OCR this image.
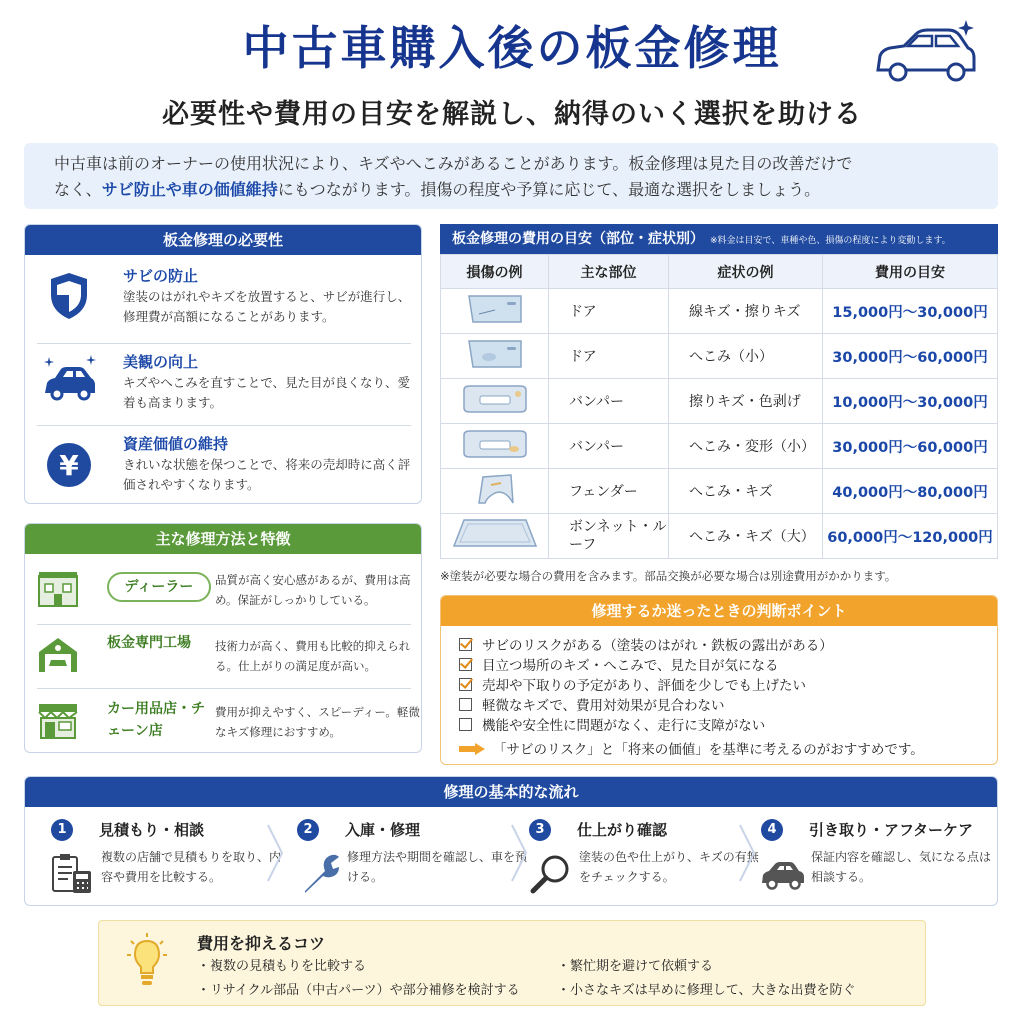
中古車購入後の板金修理
必要性や費用の目安を解説し、納得のいく選択を助ける
中古車は前のオーナーの使用状況により、キズやへこみがあることがあります。板金修理は見た目の改善だけで
なく、サビ防止や車の価値維持にもつながります。損傷の程度や予算に応じて、最適な選択をしましょう。
板金修理の必要性
サビの防止
塗装のはがれやキズを放置すると、サビが進行し、修理費が高額になることがあります。
美観の向上
キズやへこみを直すことで、見た目が良くなり、愛着も高まります。
¥
資産価値の維持
きれいな状態を保つことで、将来の売却時に高く評価されやすくなります。
主な修理方法と特徴
ディーラー	品質が高く安心感があるが、費用は高め。保証がしっかりしている。
板金専門工場	技術力が高く、費用も比較的抑えられる。仕上がりの満足度が高い。
カー用品店・チェーン店
費用が抑えやすく、スピーディー。軽微なキズ修理におすすめ。
板金修理の費用の目安（部位・症状別） ※料金は目安で、車種や色、損傷の程度により変動します。
損傷の例	主な部位	症状の例	費用の目安
	ドア	線キズ・擦りキズ	15,000円〜30,000円
	ドア	へこみ（小）	30,000円〜60,000円
	バンパー	擦りキズ・色剥げ	10,000円〜30,000円
	バンパー	へこみ・変形（小）	30,000円〜60,000円
	フェンダー	へこみ・キズ	40,000円〜80,000円
	ボンネット・ルーフ	へこみ・キズ（大）	60,000円〜120,000円
※塗装が必要な場合の費用を含みます。部品交換が必要な場合は別途費用がかかります。
修理するか迷ったときの判断ポイント
サビのリスクがある（塗装のはがれ・鉄板の露出がある）
目立つ場所のキズ・へこみで、見た目が気になる
売却や下取りの予定があり、評価を少しでも上げたい
軽微なキズで、費用対効果が見合わない
機能や安全性に問題がなく、走行に支障がない
「サビのリスク」と「将来の価値」を基準に考えるのがおすすめです。
修理の基本的な流れ
1	見積もり・相談
複数の店舗で見積もりを取り、内容や費用を比較する。
2	入庫・修理
修理方法や期間を確認し、車を預ける。
3	仕上がり確認
塗装の色や仕上がり、キズの有無をチェックする。
4	引き取り・アフターケア
保証内容を確認し、気になる点は相談する。
費用を抑えるコツ
・複数の見積もりを比較する	・繁忙期を避けて依頼する
・リサイクル部品（中古パーツ）や部分補修を検討する	・小さなキズは早めに修理して、大きな出費を防ぐ
